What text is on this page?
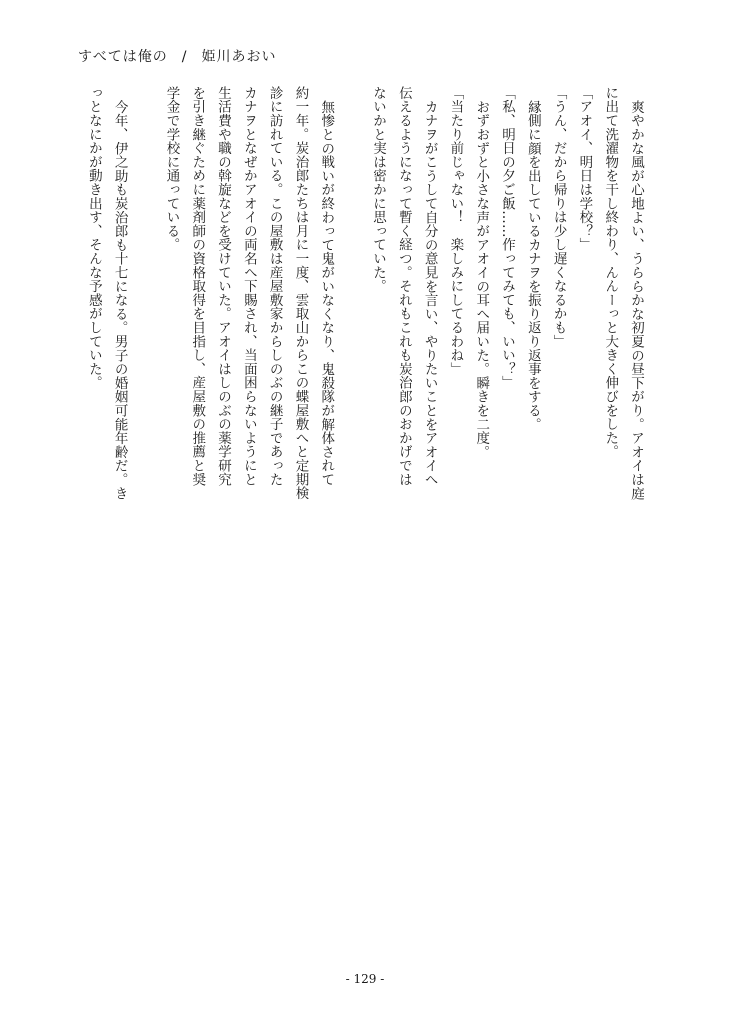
すべては俺の / 姫川あおい
爽やかな風が心地よい、うららかな初夏の昼下がり。アオイは庭
に出て洗濯物を干し終わり、んんーっと大きく伸びをした。
「アオイ、明日は学校？」
「うん、だから帰りは少し遅くなるかも」
縁側に顔を出しているカナヲを振り返り返事をする。
「私、明日の夕ご飯……作ってみても、いい？」
おずおずと小さな声がアオイの耳へ届いた。瞬きを二度。
「当たり前じゃない！　楽しみにしてるわね」
カナヲがこうして自分の意見を言い、やりたいことをアオイへ
伝えるようになって暫く経つ。それもこれも炭治郎のおかげでは
ないかと実は密かに思っていた。
無惨との戦いが終わって鬼がいなくなり、鬼殺隊が解体されて
約一年。炭治郎たちは月に一度、雲取山からこの蝶屋敷へと定期検
診に訪れている。この屋敷は産屋敷家からしのぶの継子であった
カナヲとなぜかアオイの両名へ下賜され、当面困らないようにと
生活費や職の斡旋などを受けていた。アオイはしのぶの薬学研究
を引き継ぐために薬剤師の資格取得を目指し、産屋敷の推薦と奨
学金で学校に通っている。
今年、伊之助も炭治郎も十七になる。男子の婚姻可能年齢だ。き
っとなにかが動き出す、そんな予感がしていた。
- 129 -
